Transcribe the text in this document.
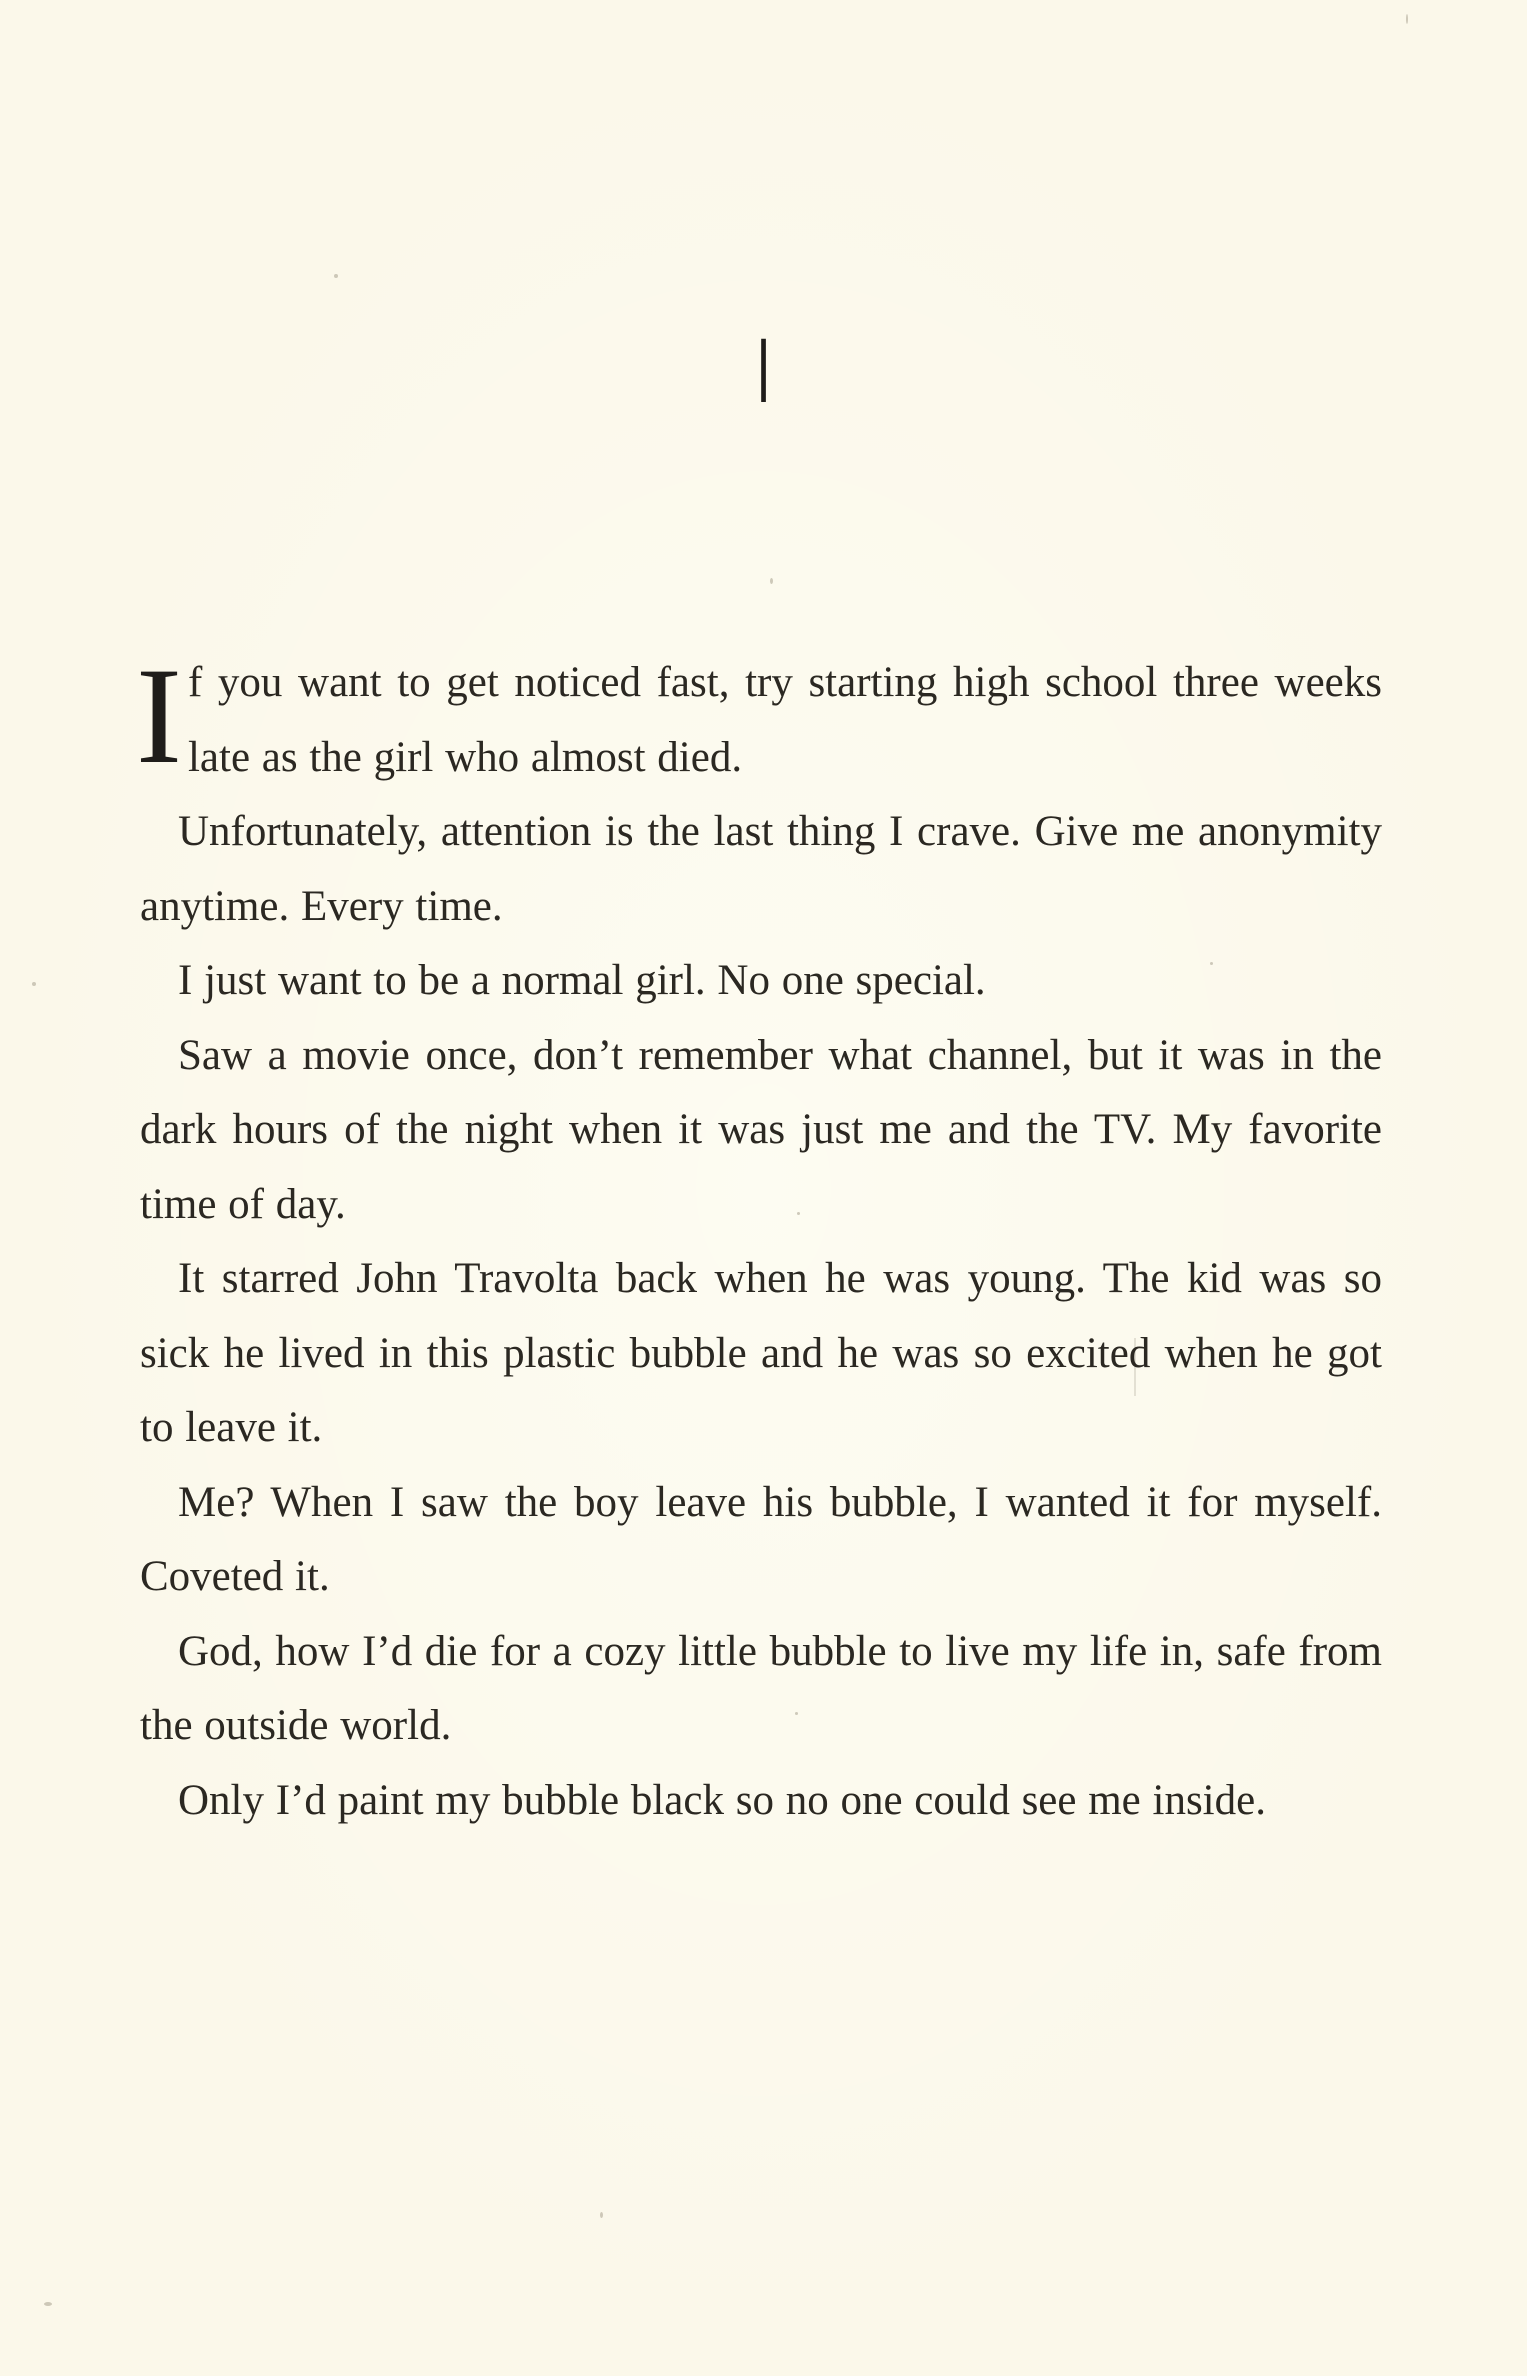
I

If you want to get noticed fast, try starting high school three weeks late as the girl who almost died.

Unfortunately, attention is the last thing I crave. Give me anonymity anytime. Every time.

I just want to be a normal girl. No one special.

Saw a movie once, don’t remember what channel, but it was in the dark hours of the night when it was just me and the TV. My favorite time of day.

It starred John Travolta back when he was young. The kid was so sick he lived in this plastic bubble and he was so excited when he got to leave it.

Me? When I saw the boy leave his bubble, I wanted it for myself. Coveted it.

God, how I’d die for a cozy little bubble to live my life in, safe from the outside world.

Only I’d paint my bubble black so no one could see me inside.
